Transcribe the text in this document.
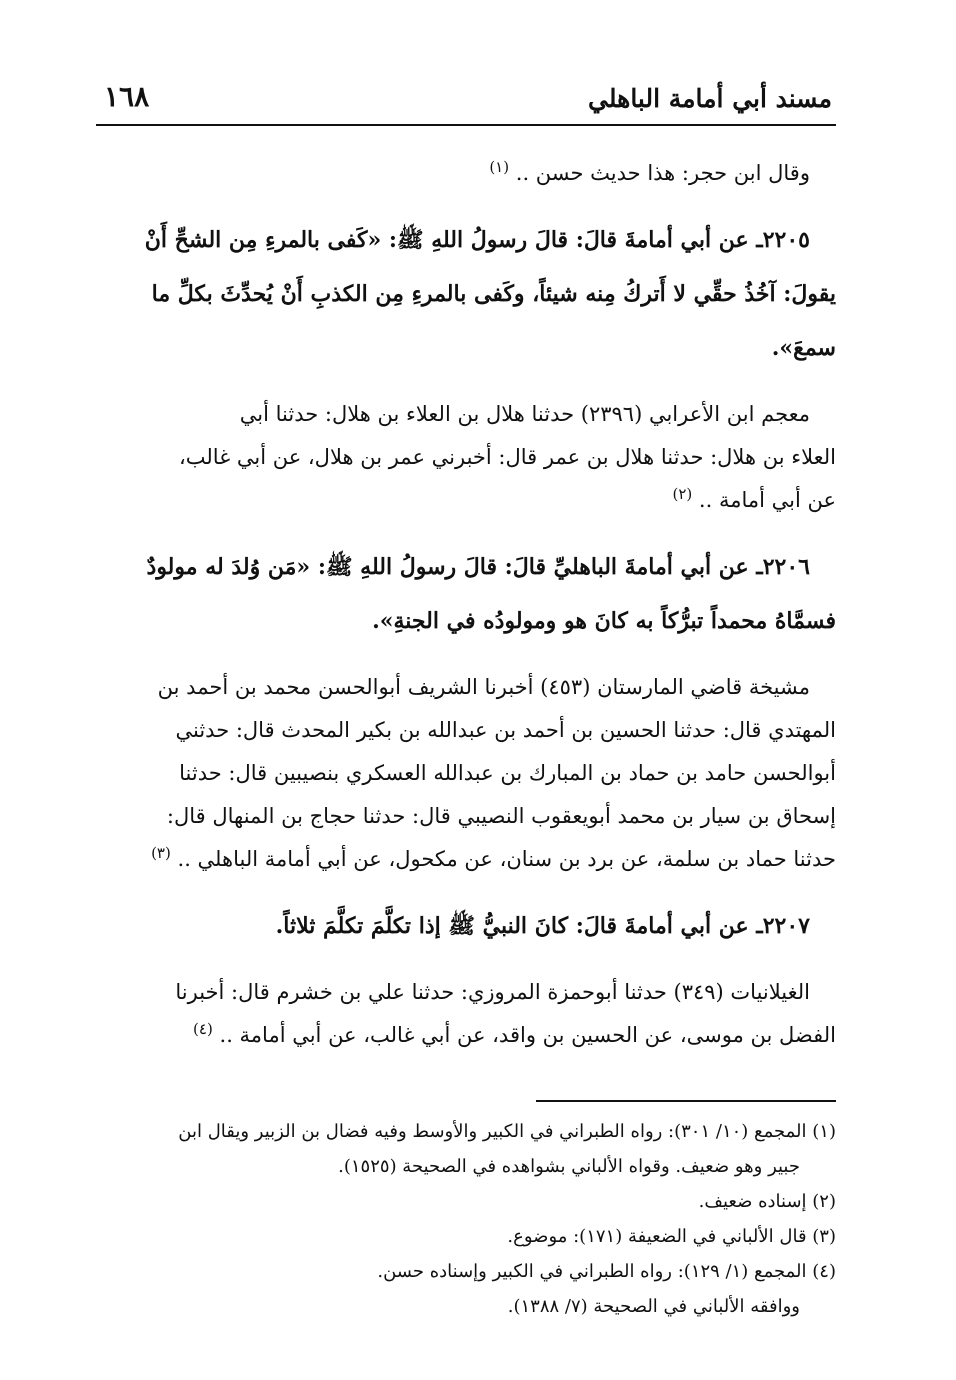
مسند أبي أمامة الباهلي
١٦٨
وقال ابن حجر: هذا حديث حسن .. $^{(١)}$
٢٢٠٥ـ عن أبي أمامةَ قالَ: قالَ رسولُ اللهِ ﷺ: «كَفى بالمرءِ مِن الشحِّ أَنْ
يقولَ: آخُذُ حقِّي لا أَتركُ مِنه شيئاً، وكَفى بالمرءِ مِن الكذبِ أَنْ يُحدِّثَ بكلِّ ما
سمعَ».
معجم ابن الأعرابي (٢٣٩٦) حدثنا هلال بن العلاء بن هلال: حدثنا أبي
العلاء بن هلال: حدثنا هلال بن عمر قال: أخبرني عمر بن هلال، عن أبي غالب،
عن أبي أمامة .. $^{(٢)}$
٢٢٠٦ـ عن أبي أمامةَ الباهليِّ قالَ: قالَ رسولُ اللهِ ﷺ: «مَن وُلدَ له مولودٌ
فسمَّاهُ محمداً تبرُّكاً به كانَ هو ومولودُه في الجنةِ».
مشيخة قاضي المارستان (٤٥٣) أخبرنا الشريف أبوالحسن محمد بن أحمد بن
المهتدي قال: حدثنا الحسين بن أحمد بن عبدالله بن بكير المحدث قال: حدثني
أبوالحسن حامد بن حماد بن المبارك بن عبدالله العسكري بنصيبين قال: حدثنا
إسحاق بن سيار بن محمد أبويعقوب النصيبي قال: حدثنا حجاج بن المنهال قال:
حدثنا حماد بن سلمة، عن برد بن سنان، عن مكحول، عن أبي أمامة الباهلي .. $^{(٣)}$
٢٢٠٧ـ عن أبي أمامةَ قالَ: كانَ النبيُّ ﷺ إذا تكلَّمَ تكلَّمَ ثلاثاً.
الغيلانيات (٣٤٩) حدثنا أبوحمزة المروزي: حدثنا علي بن خشرم قال: أخبرنا
الفضل بن موسى، عن الحسين بن واقد، عن أبي غالب، عن أبي أمامة .. $^{(٤)}$
(١) المجمع (١٠/ ٣٠١): رواه الطبراني في الكبير والأوسط وفيه فضال بن الزبير ويقال ابن
جبير وهو ضعيف. وقواه الألباني بشواهده في الصحيحة (١٥٢٥).
(٢) إسناده ضعيف.
(٣) قال الألباني في الضعيفة (١٧١): موضوع.
(٤) المجمع (١/ ١٢٩): رواه الطبراني في الكبير وإسناده حسن.
ووافقه الألباني في الصحيحة (٧/ ١٣٨٨).
